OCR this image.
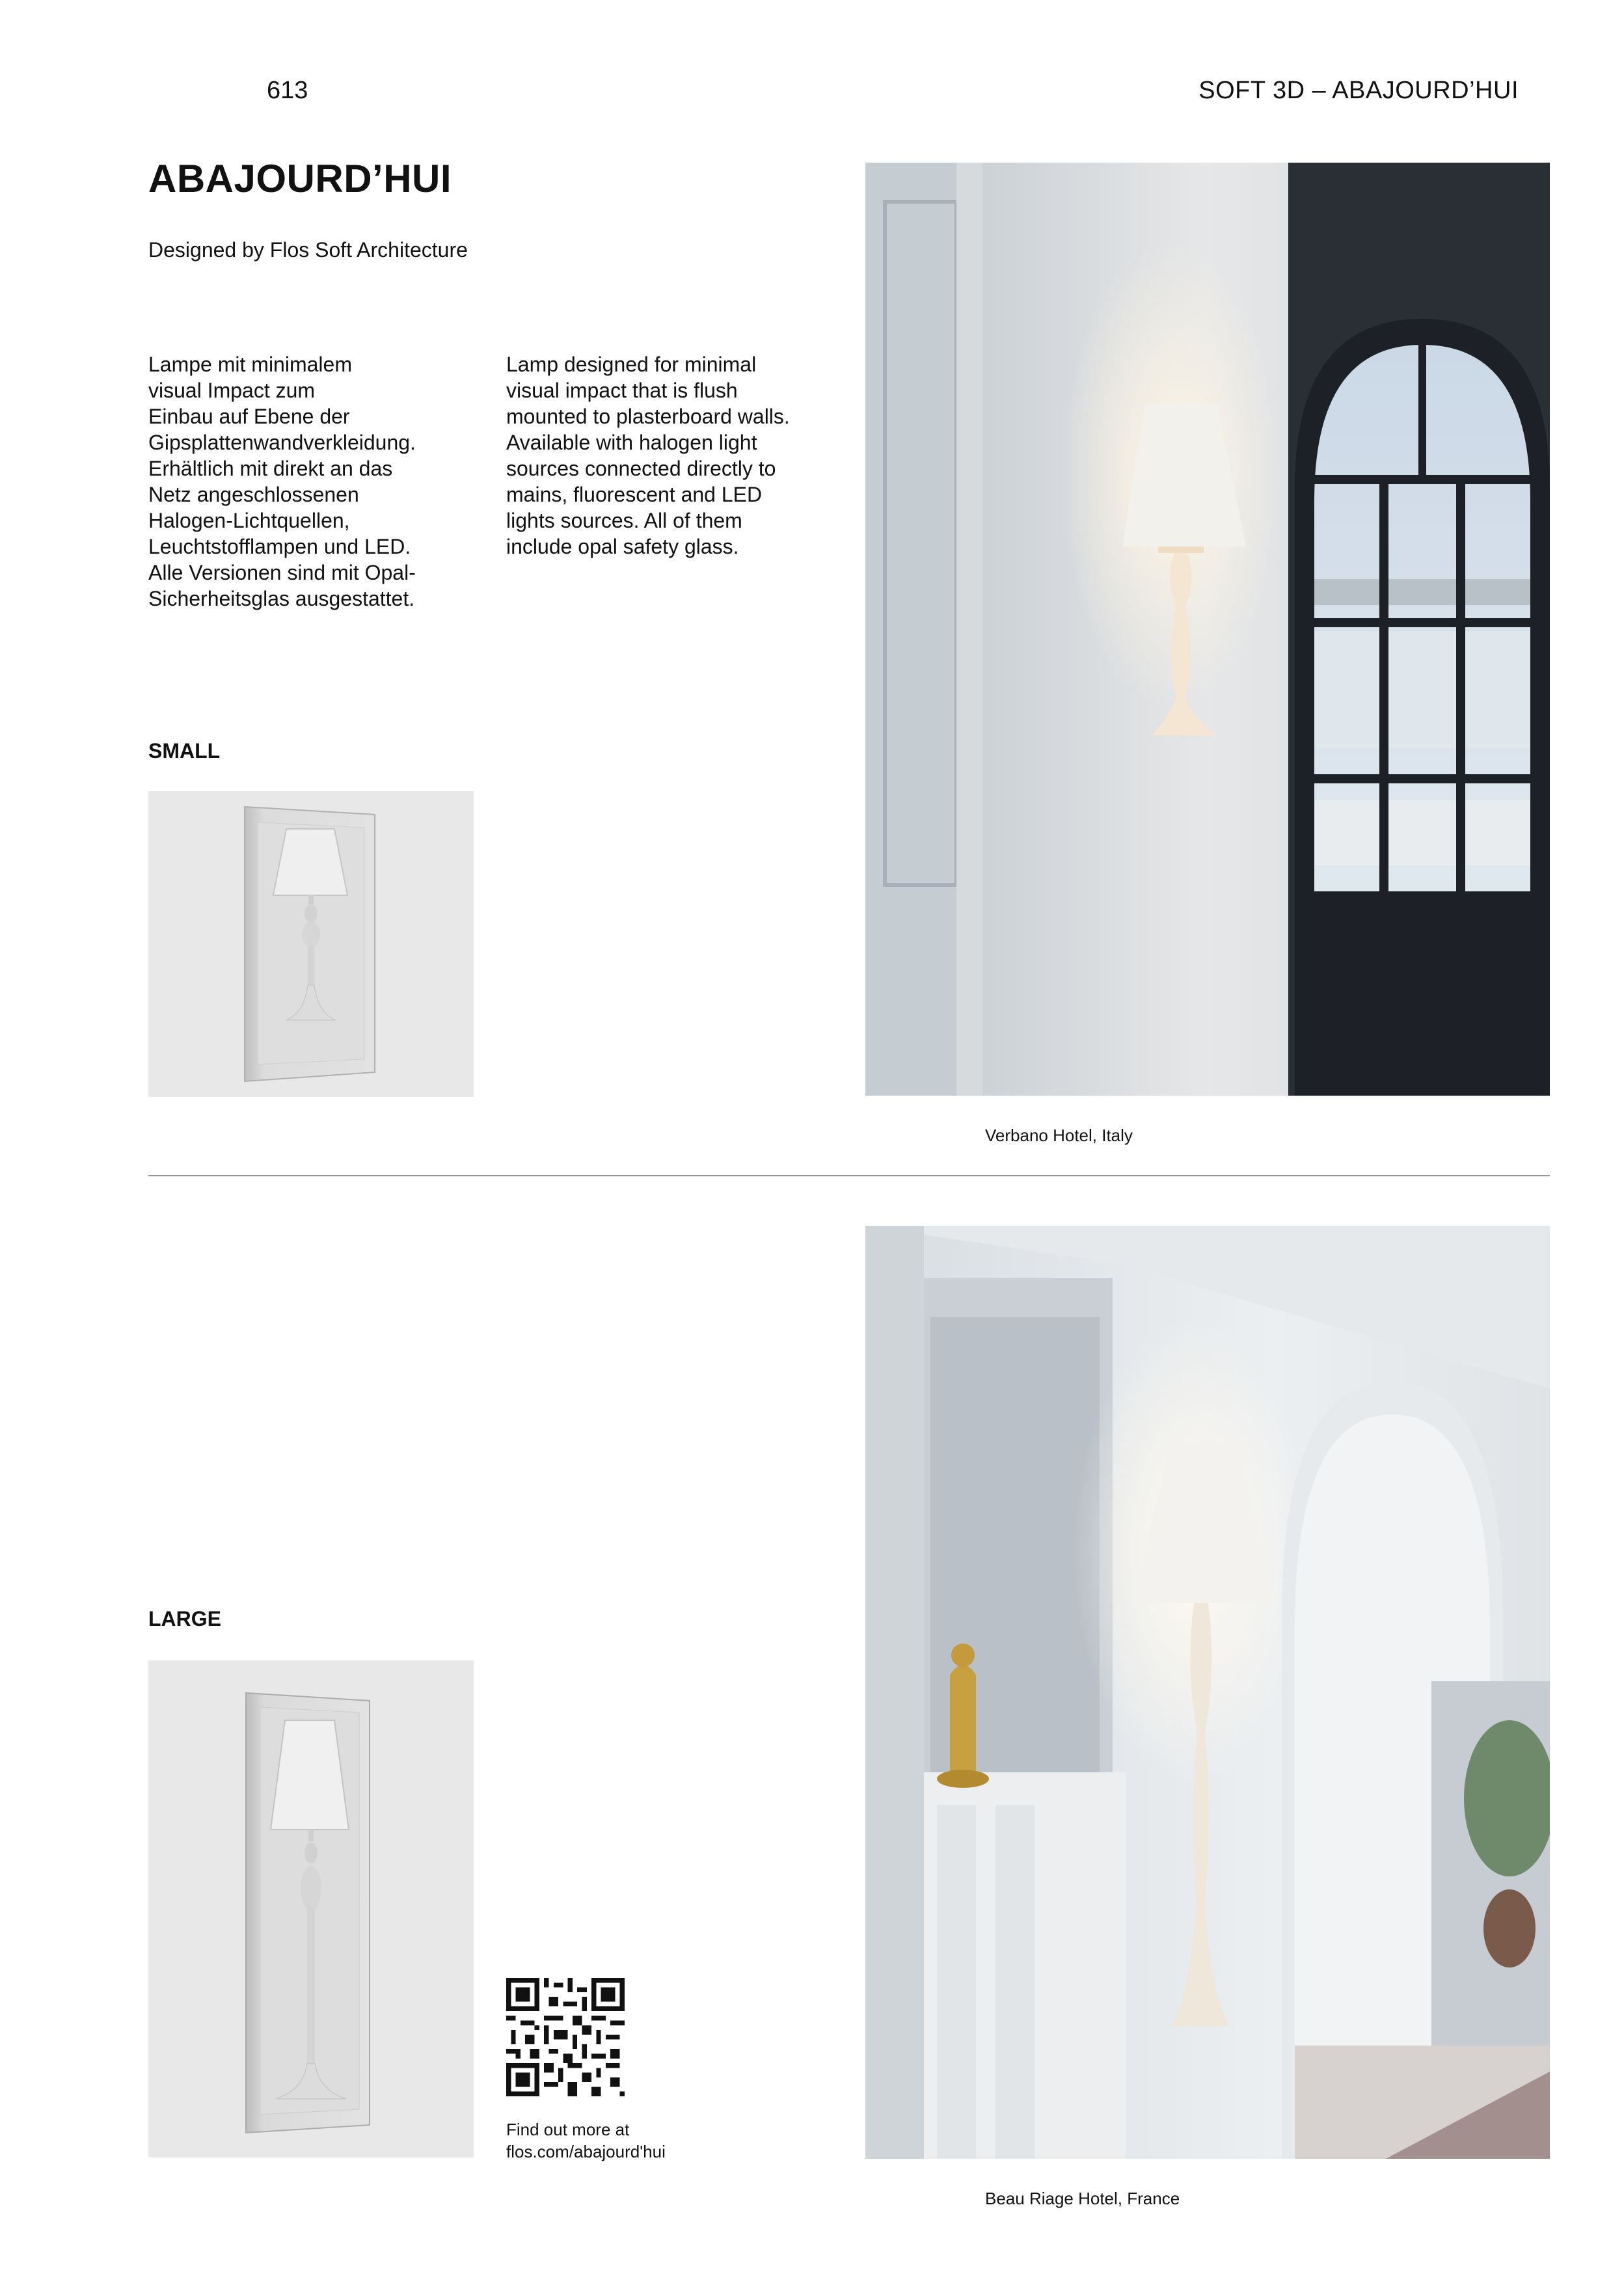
613	SOFT 3D – ABAJOURD’HUI
ABAJOURD’HUI
Designed by Flos Soft Architecture
Lampe mit minimalem
visual Impact zum
Einbau auf Ebene der
Gipsplattenwandverkleidung.
Erhältlich mit direkt an das
Netz angeschlossenen
Halogen-Lichtquellen,
Leuchtstofflampen und LED.
Alle Versionen sind mit Opal-
Sicherheitsglas ausgestattet.
Lamp designed for minimal
visual impact that is flush
mounted to plasterboard walls.
Available with halogen light
sources connected directly to
mains, fluorescent and LED
lights sources. All of them
include opal safety glass.
SMALL
Verbano Hotel, Italy
LARGE
Find out more at
flos.com/abajourd'hui
Beau Riage Hotel, France
